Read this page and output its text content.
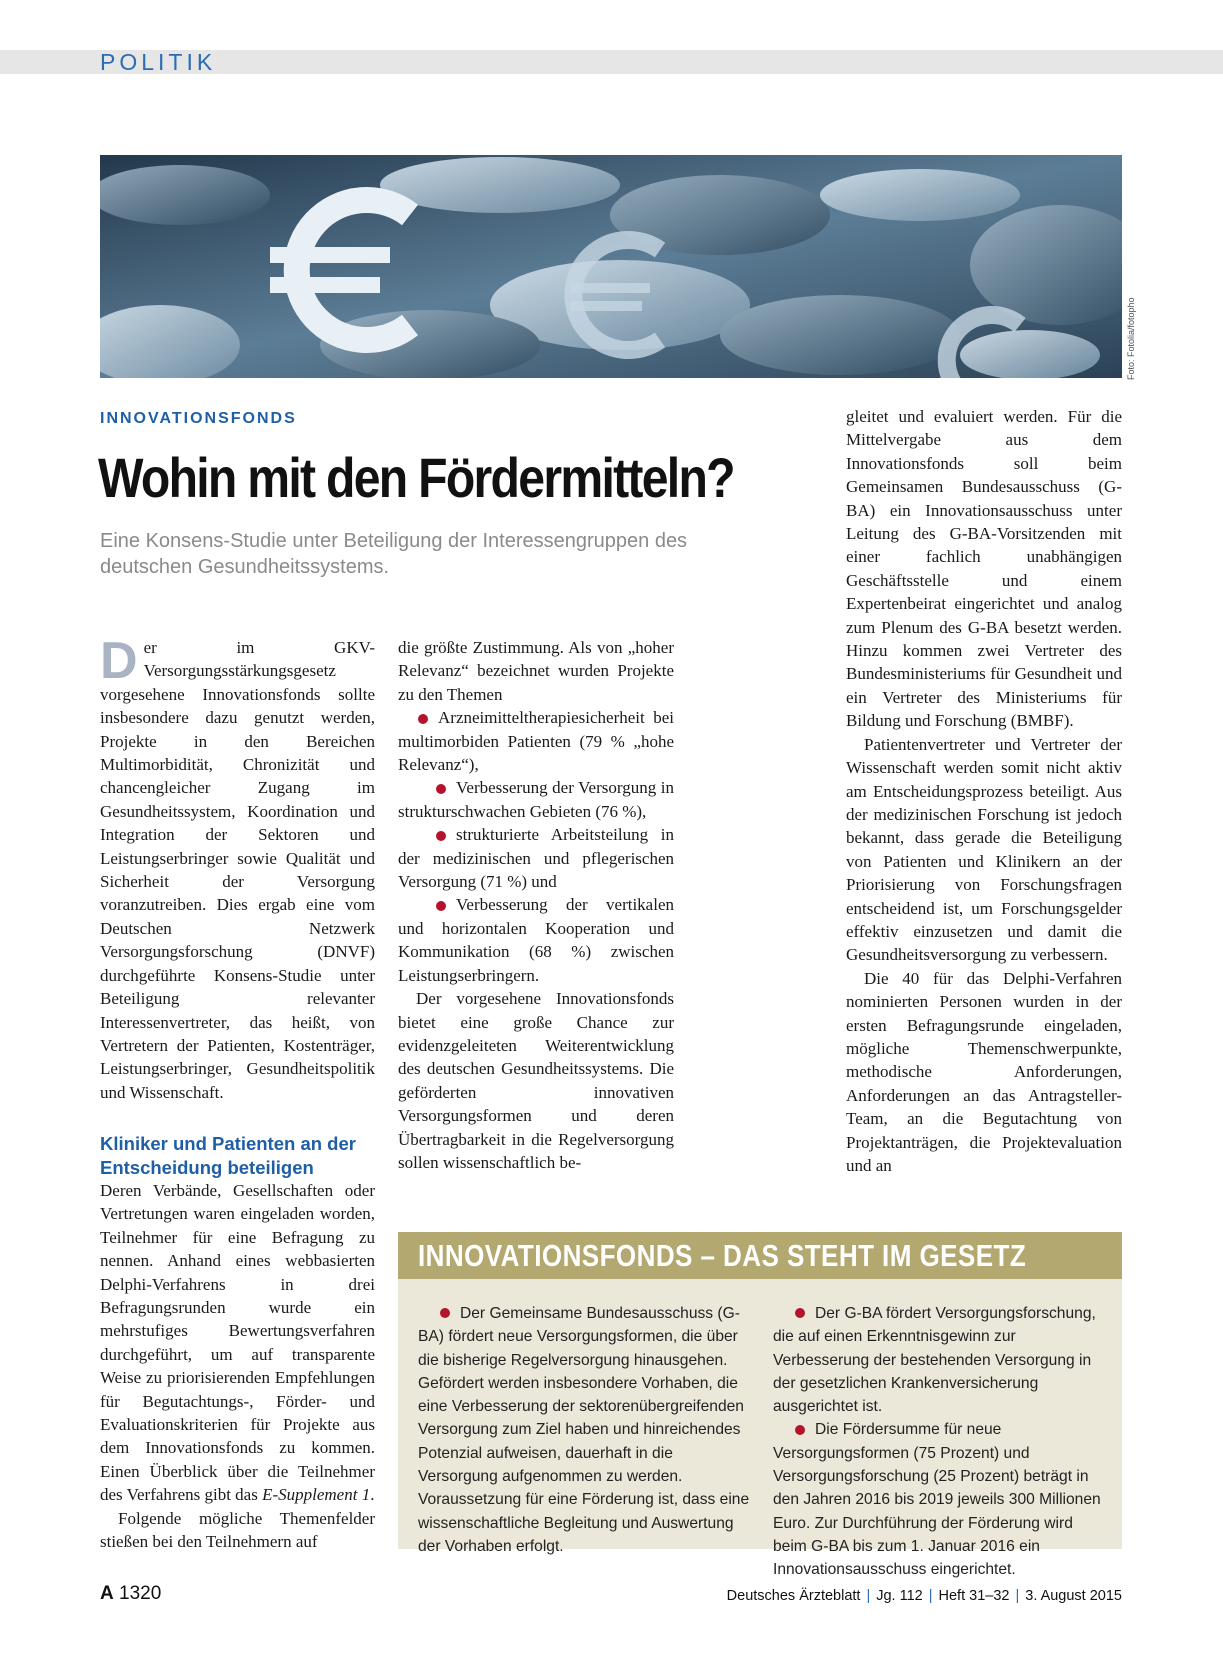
POLITIK
Foto: Fotolia/fotopho
INNOVATIONSFONDS
Wohin mit den Fördermitteln?

Eine Konsens-Studie unter Beteiligung der Interessengruppen des deutschen Gesundheitssystems.

Der im GKV-Versorgungsstärkungsgesetz vorgesehene Innovationsfonds sollte insbesondere dazu genutzt werden, Projekte in den Bereichen Multimorbidität, Chronizität und chancengleicher Zugang im Gesundheitssystem, Koordination und Integration der Sektoren und Leistungserbringer sowie Qualität und Sicherheit der Versorgung voranzutreiben. Dies ergab eine vom Deutschen Netzwerk Versorgungsforschung (DNVF) durchgeführte Konsens-Studie unter Beteiligung relevanter Interessenvertreter, das heißt, von Vertretern der Patienten, Kostenträger, Leistungserbringer, Gesundheitspolitik und Wissenschaft.

Kliniker und Patienten an der Entscheidung beteiligen

Deren Verbände, Gesellschaften oder Vertretungen waren eingeladen worden, Teilnehmer für eine Befragung zu nennen. Anhand eines webbasierten Delphi-Verfahrens in drei Befragungsrunden wurde ein mehrstufiges Bewertungsverfahren durchgeführt, um auf transparente Weise zu priorisierenden Empfehlungen für Begutachtungs-, Förder- und Evaluationskriterien für Projekte aus dem Innovationsfonds zu kommen. Einen Überblick über die Teilnehmer des Verfahrens gibt das E-Supplement 1.

Folgende mögliche Themenfelder stießen bei den Teilnehmern auf

die größte Zustimmung. Als von „hoher Relevanz“ bezeichnet wurden Projekte zu den Themen

Arzneimitteltherapiesicherheit bei multimorbiden Patienten (79 % „hohe Relevanz“),

Verbesserung der Versorgung in strukturschwachen Gebieten (76 %),

strukturierte Arbeitsteilung in der medizinischen und pflegerischen Versorgung (71 %) und

Verbesserung der vertikalen und horizontalen Kooperation und Kommunikation (68 %) zwischen Leistungserbringern.

Der vorgesehene Innovationsfonds bietet eine große Chance zur evidenzgeleiteten Weiterentwicklung des deutschen Gesundheitssystems. Die geförderten innovativen Versorgungsformen und deren Übertragbarkeit in die Regelversorgung sollen wissenschaftlich be-

gleitet und evaluiert werden. Für die Mittelvergabe aus dem Innovationsfonds soll beim Gemeinsamen Bundesausschuss (G-BA) ein Innovationsausschuss unter Leitung des G-BA-Vorsitzenden mit einer fachlich unabhängigen Geschäftsstelle und einem Expertenbeirat eingerichtet und analog zum Plenum des G-BA besetzt werden. Hinzu kommen zwei Vertreter des Bundesministeriums für Gesundheit und ein Vertreter des Ministeriums für Bildung und Forschung (BMBF).

Patientenvertreter und Vertreter der Wissenschaft werden somit nicht aktiv am Entscheidungsprozess beteiligt. Aus der medizinischen Forschung ist jedoch bekannt, dass gerade die Beteiligung von Patienten und Klinikern an der Priorisierung von Forschungsfragen entscheidend ist, um Forschungsgelder effektiv einzusetzen und damit die Gesundheitsversorgung zu verbessern.

Die 40 für das Delphi-Verfahren nominierten Personen wurden in der ersten Befragungsrunde eingeladen, mögliche Themenschwerpunkte, methodische Anforderungen, Anforderungen an das Antragsteller-Team, an die Begutachtung von Projektanträgen, die Projektevaluation und an

INNOVATIONSFONDS – DAS STEHT IM GESETZ

Der Gemeinsame Bundesausschuss (G-BA) fördert neue Versorgungsformen, die über die bisherige Regelversorgung hinausgehen. Gefördert werden insbesondere Vorhaben, die eine Verbesserung der sektorenübergreifenden Versorgung zum Ziel haben und hinreichendes Potenzial aufweisen, dauerhaft in die Versorgung aufgenommen zu werden. Voraussetzung für eine Förderung ist, dass eine wissenschaftliche Begleitung und Auswertung der Vorhaben erfolgt.

Der G-BA fördert Versorgungsforschung, die auf einen Erkenntnisgewinn zur Verbesserung der bestehenden Versorgung in der gesetzlichen Krankenversicherung ausgerichtet ist.

Die Fördersumme für neue Versorgungsformen (75 Prozent) und Versorgungsforschung (25 Prozent) beträgt in den Jahren 2016 bis 2019 jeweils 300 Millionen Euro. Zur Durchführung der Förderung wird beim G-BA bis zum 1. Januar 2016 ein Innovationsausschuss eingerichtet.

A 1320	Deutsches Ärzteblatt | Jg. 112 | Heft 31–32 | 3. August 2015
